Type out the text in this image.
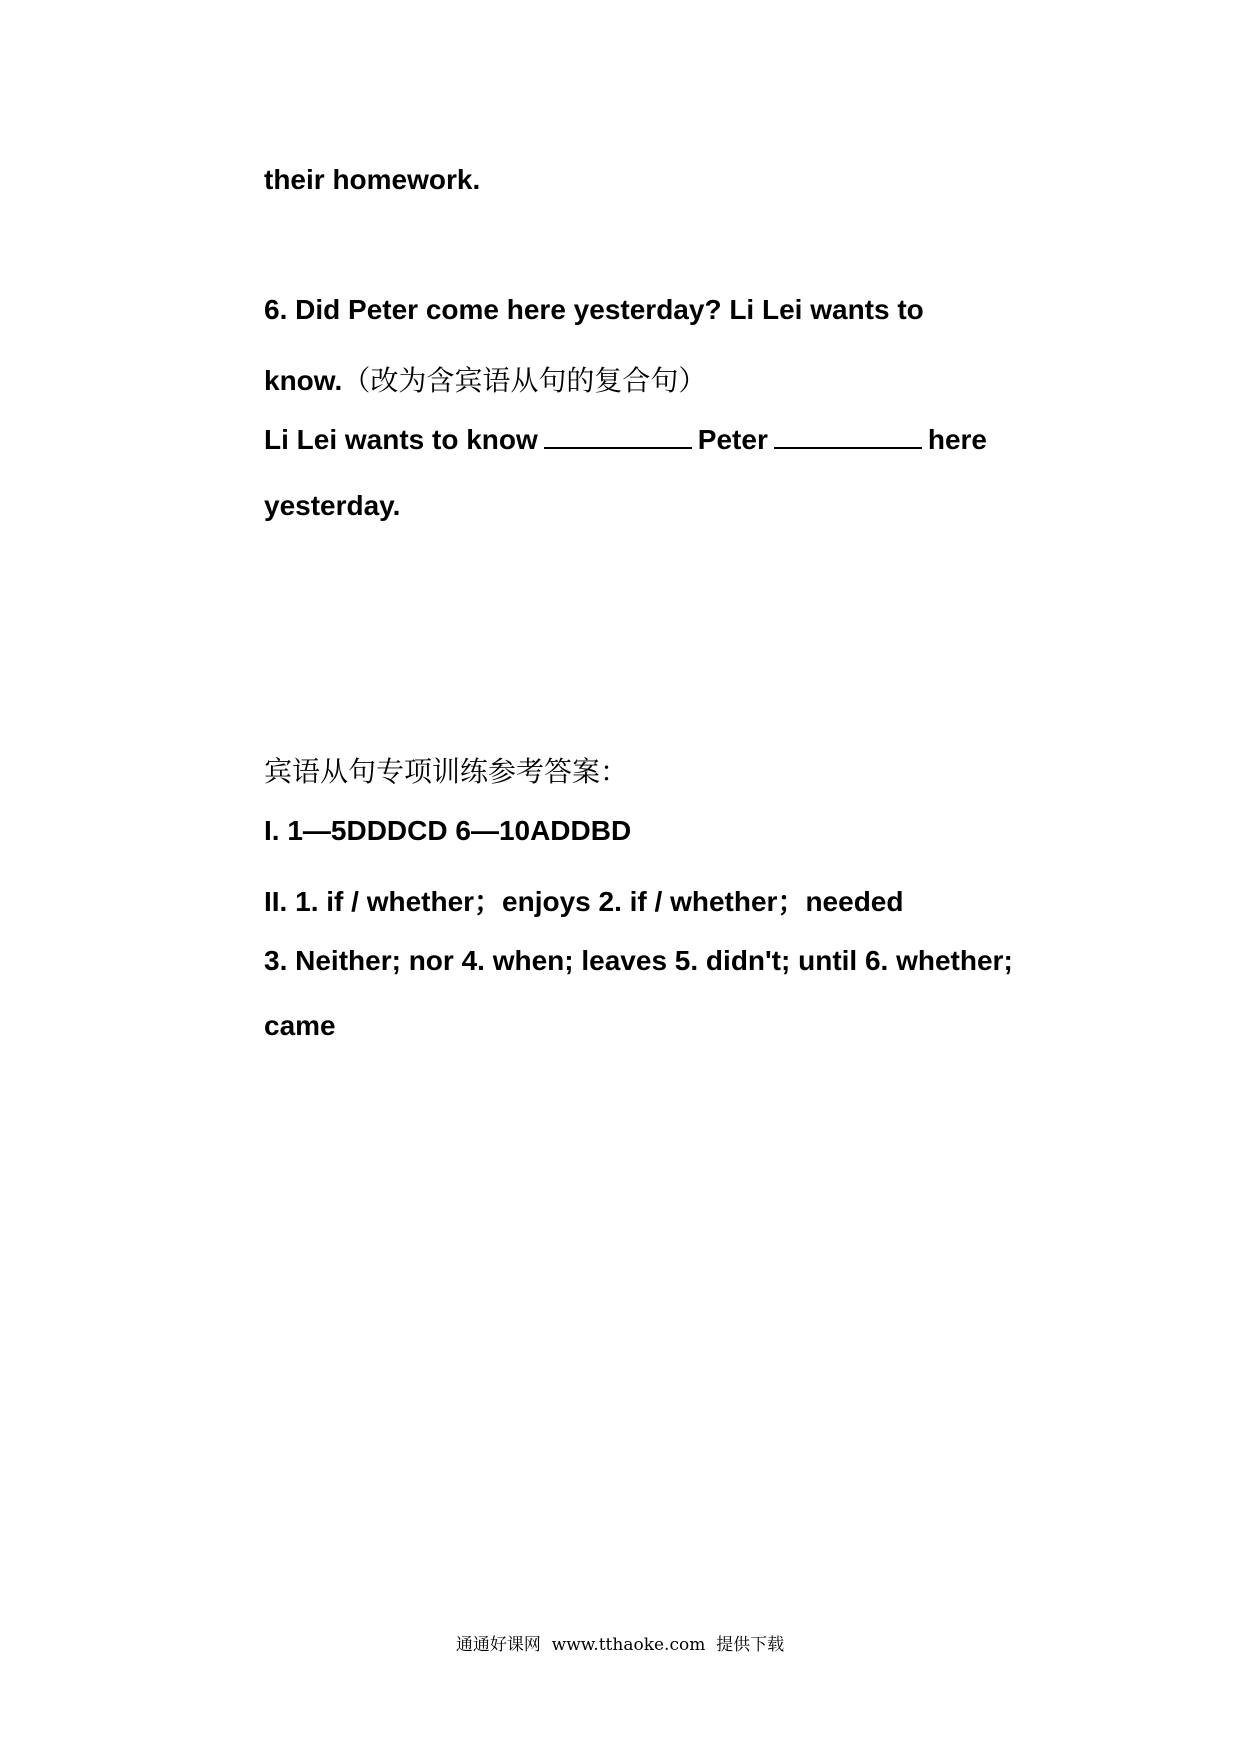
their homework.
6. Did Peter come here yesterday? Li Lei wants to
know.（改为含宾语从句的复合句）
Li Lei wants to know	Peter	here
yesterday.
宾语从句专项训练参考答案：
I. 1—5DDDCD 6—10ADDBD
II. 1. if / whether；enjoys 2. if / whether；needed
3. Neither; nor 4. when; leaves 5. didn't; until 6. whether;
came
通通好课网  www.tthaoke.com  提供下载
